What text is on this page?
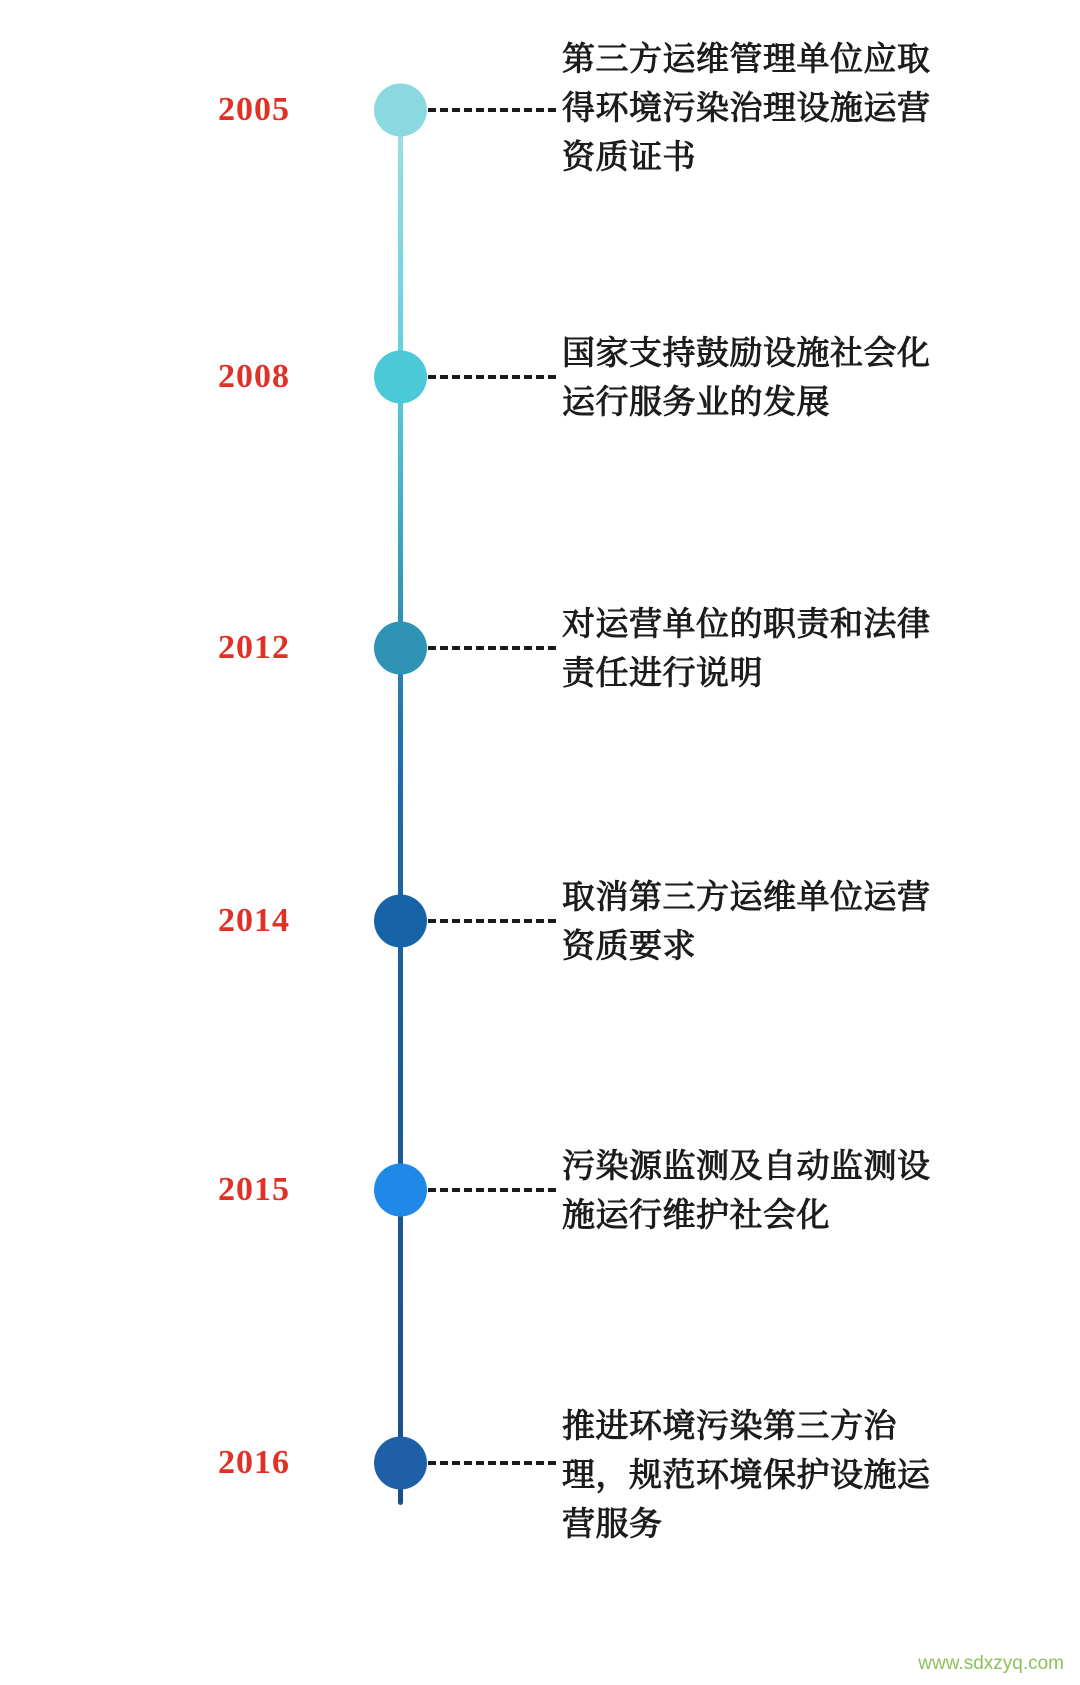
2005
第三方运维管理单位应取得环境污染治理设施运营资质证书
2008
国家支持鼓励设施社会化运行服务业的发展
2012
对运营单位的职责和法律责任进行说明
2014
取消第三方运维单位运营资质要求
2015
污染源监测及自动监测设施运行维护社会化
2016
推进环境污染第三方治理，规范环境保护设施运营服务
www.sdxzyq.com
